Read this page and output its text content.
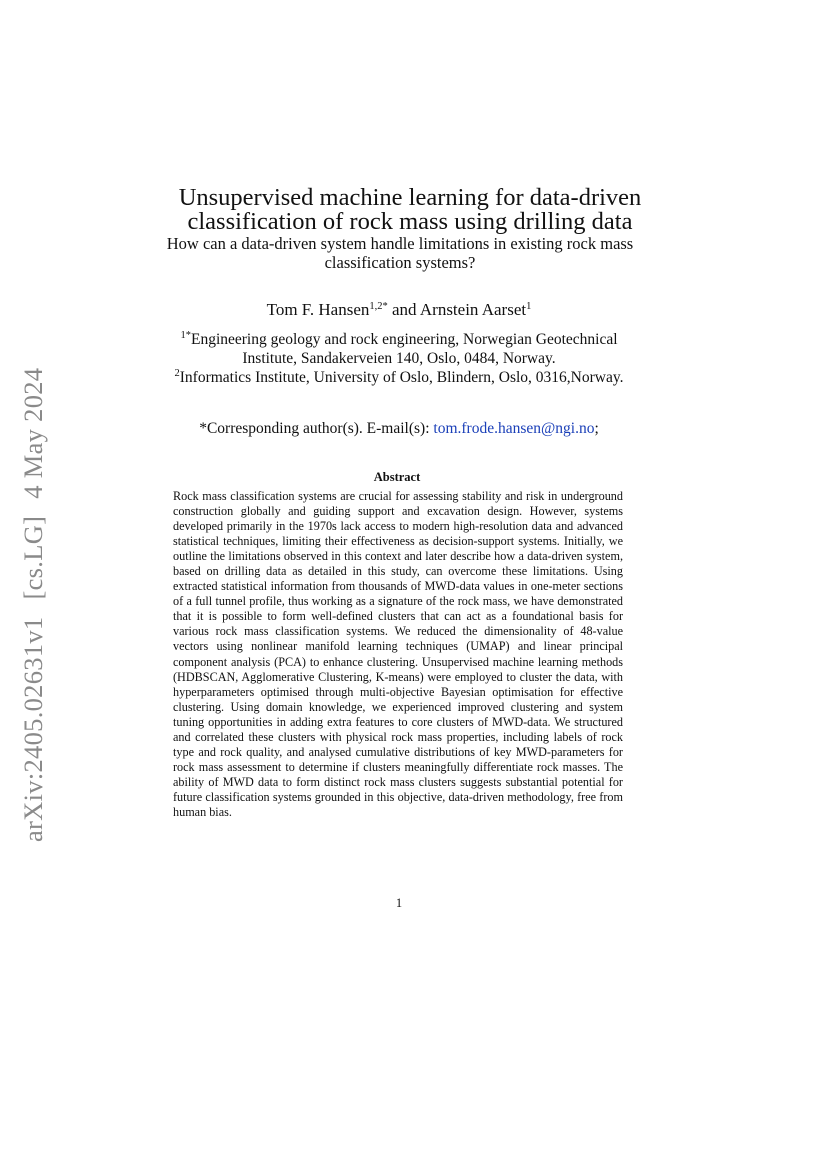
arXiv:2405.02631v1[cs.LG]4 May 2024
Unsupervised machine learning for data-driven classification of rock mass using drilling data
How can a data-driven system handle limitations in existing rock mass classification systems?
Tom F. Hansen$^{1,2*}$ and Arnstein Aarset$^1$
$^{1*}$Engineering geology and rock engineering, Norwegian Geotechnical
Institute, Sandakerveien 140, Oslo, 0484, Norway.
$^2$Informatics Institute, University of Oslo, Blindern, Oslo, 0316,Norway.
*Corresponding author(s). E-mail(s): tom.frode.hansen@ngi.no;
Abstract
Rock mass classification systems are crucial for assessing stability and risk in underground construction globally and guiding support and excavation design. However, systems developed primarily in the 1970s lack access to modern high-resolution data and advanced statistical techniques, limiting their effectiveness as decision-support systems. Initially, we outline the limitations observed in this context and later describe how a data-driven system, based on drilling data as detailed in this study, can overcome these limitations. Using extracted statistical information from thousands of MWD-data values in one-meter sections of a full tunnel profile, thus working as a signature of the rock mass, we have demonstrated that it is possible to form well-defined clusters that can act as a foundational basis for various rock mass classification systems. We reduced the dimensionality of 48-value vectors using nonlinear manifold learning techniques (UMAP) and linear principal component analysis (PCA) to enhance clustering. Unsupervised machine learning methods (HDBSCAN, Agglomerative Clustering, K-means) were employed to cluster the data, with hyperparameters optimised through multi-objective Bayesian optimisation for effective clustering. Using domain knowledge, we experienced improved clustering and system tuning opportunities in adding extra features to core clusters of MWD-data. We structured and correlated these clusters with physical rock mass properties, including labels of rock type and rock quality, and analysed cumulative distributions of key MWD-parameters for rock mass assessment to determine if clusters meaningfully differentiate rock masses. The ability of MWD data to form distinct rock mass clusters suggests substantial potential for future classification systems grounded in this objective, data-driven methodology, free from human bias.
1
